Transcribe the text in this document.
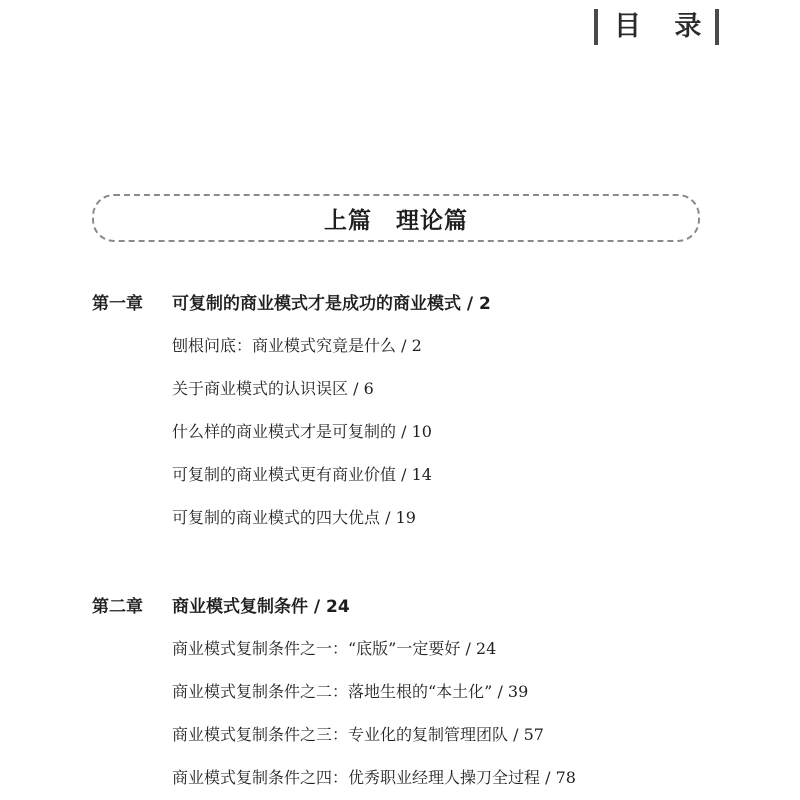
目 录
上篇　理论篇
第一章	可复制的商业模式才是成功的商业模式 / 2
刨根问底：商业模式究竟是什么 / 2
关于商业模式的认识误区 / 6
什么样的商业模式才是可复制的 / 10
可复制的商业模式更有商业价值 / 14
可复制的商业模式的四大优点 / 19
第二章	商业模式复制条件 / 24
商业模式复制条件之一：“底版”一定要好 / 24
商业模式复制条件之二：落地生根的“本土化” / 39
商业模式复制条件之三：专业化的复制管理团队 / 57
商业模式复制条件之四：优秀职业经理人操刀全过程 / 78
